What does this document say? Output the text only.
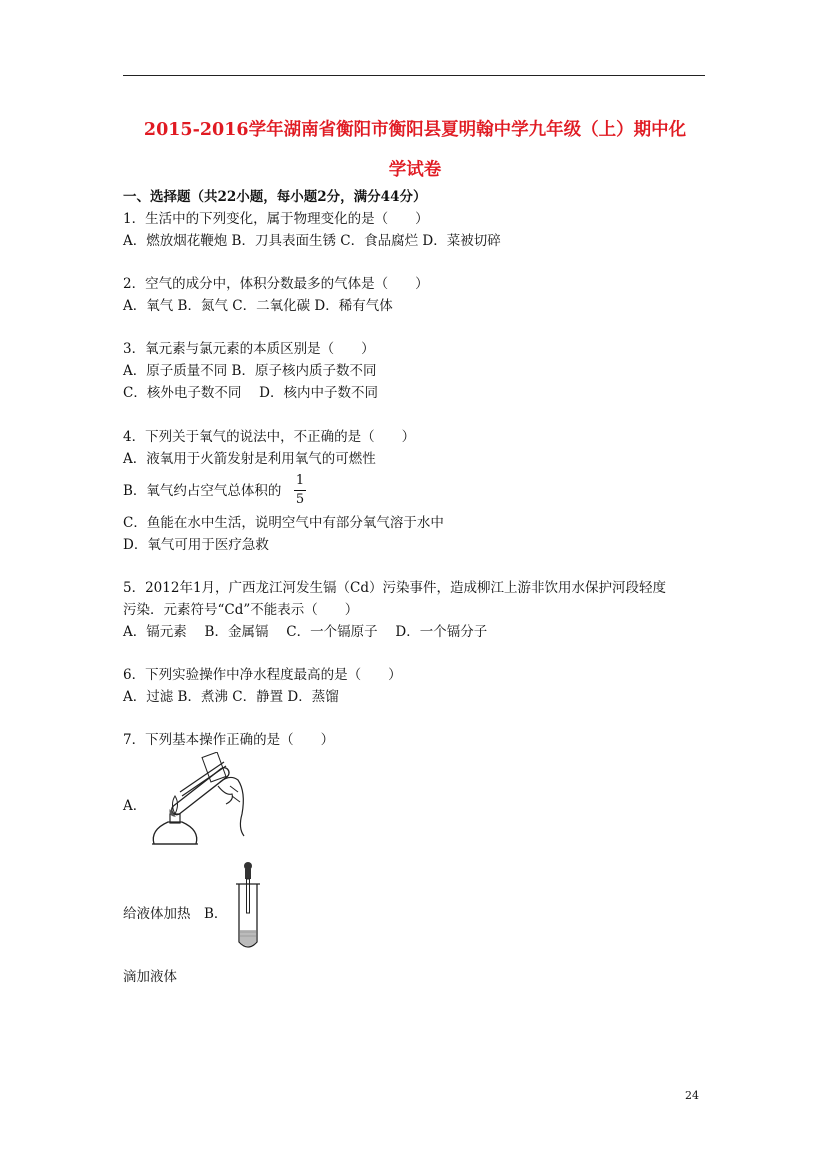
2015-2016学年湖南省衡阳市衡阳县夏明翰中学九年级（上）期中化
学试卷
一、选择题（共22小题，每小题2分，满分44分）
1．生活中的下列变化，属于物理变化的是（　　）
A．燃放烟花鞭炮 B．刀具表面生锈 C．食品腐烂 D．菜被切碎
2．空气的成分中，体积分数最多的气体是（　　）
A．氧气 B．氮气 C．二氧化碳 D．稀有气体
3．氧元素与氯元素的本质区别是（　　）
A．原子质量不同 B．原子核内质子数不同
C．核外电子数不同　 D．核内中子数不同
4．下列关于氧气的说法中，不正确的是（　　）
A．液氧用于火箭发射是利用氧气的可燃性
B．氧气约占空气总体积的
1
5
C．鱼能在水中生活，说明空气中有部分氧气溶于水中
D．氧气可用于医疗急救
5．2012年1月，广西龙江河发生镉（Cd）污染事件，造成柳江上游非饮用水保护河段轻度
污染．元素符号“Cd”不能表示（　　）
A．镉元素　 B．金属镉　 C．一个镉原子　 D．一个镉分子
6．下列实验操作中净水程度最高的是（　　）
A．过滤 B．煮沸 C．静置 D．蒸馏
7．下列基本操作正确的是（　　）
A．
给液体加热　B．
滴加液体
24
